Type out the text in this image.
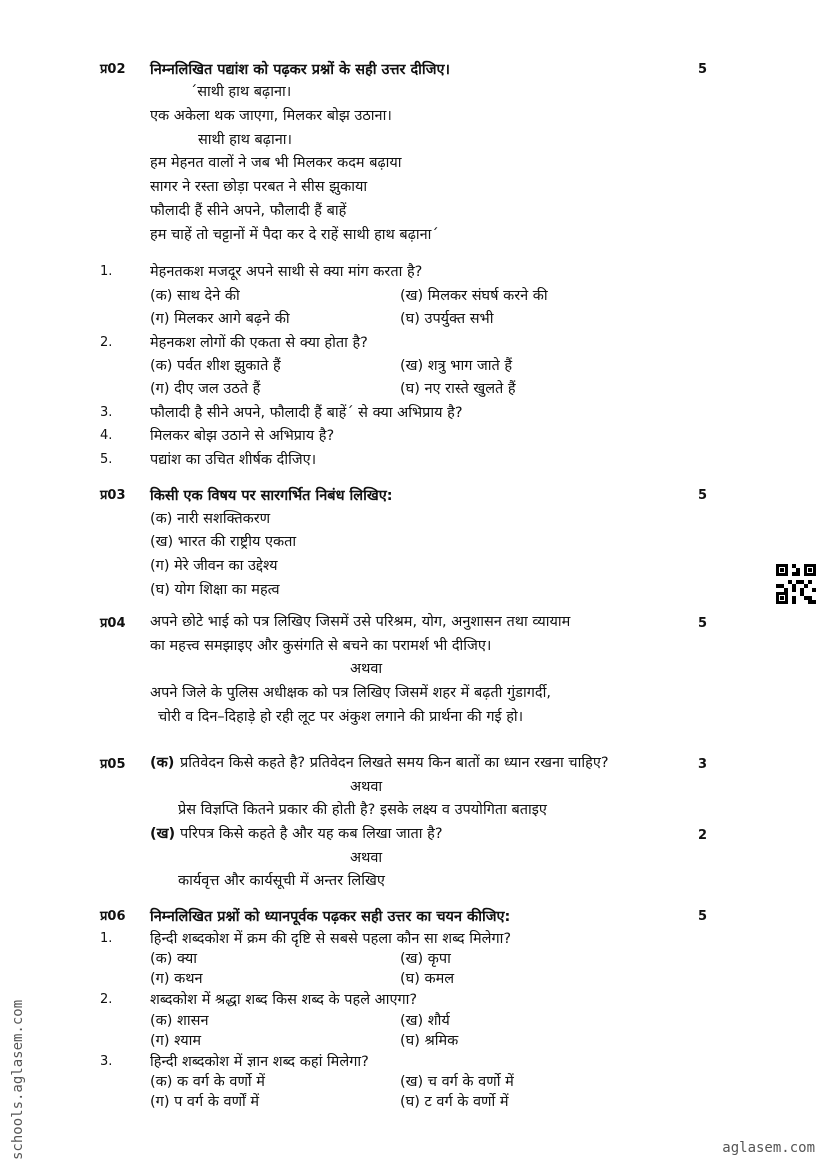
प्र02 निम्नलिखित पद्यांश को पढ़कर प्रश्नों के सही उत्तर दीजिए।	5
´साथी हाथ बढ़ाना।
एक अकेला थक जाएगा, मिलकर बोझ उठाना।
साथी हाथ बढ़ाना।
हम मेहनत वालों ने जब भी मिलकर कदम बढ़ाया
सागर ने रस्ता छोड़ा परबत ने सीस झुकाया
फौलादी हैं सीने अपने, फौलादी हैं बाहें
हम चाहें तो चट्टानों में पैदा कर दे राहें साथी हाथ बढ़ाना´
1.	मेहनतकश मजदूर अपने साथी से क्या मांग करता है?
(क) साथ देने की	(ख) मिलकर संघर्ष करने की
(ग) मिलकर आगे बढ़ने की	(घ) उपर्युक्त सभी
2.	मेहनकश लोगों की एकता से क्या होता है?
(क) पर्वत शीश झुकाते हैं	(ख) शत्रु भाग जाते हैं
(ग) दीए जल उठते हैं	(घ) नए रास्ते खुलते हैं
3.	फौलादी है सीने अपने, फौलादी हैं बाहें´ से क्या अभिप्राय है?
4.	मिलकर बोझ उठाने से अभिप्राय है?
5.	पद्यांश का उचित शीर्षक दीजिए।
प्र03 किसी एक विषय पर सारगर्भित निबंध लिखिए:	5
(क) नारी सशक्तिकरण
(ख) भारत की राष्ट्रीय एकता
(ग) मेरे जीवन का उद्देश्य
(घ) योग शिक्षा का महत्व
प्र04 अपने छोटे भाई को पत्र लिखिए जिसमें उसे परिश्रम, योग, अनुशासन तथा व्यायाम	5
का महत्त्व समझाइए और कुसंगति से बचने का परामर्श भी दीजिए।
अथवा
अपने जिले के पुलिस अधीक्षक को पत्र लिखिए जिसमें शहर में बढ़ती गुंडागर्दी,
चोरी व दिन–दिहाड़े हो रही लूट पर अंकुश लगाने की प्रार्थना की गई हो।
प्र05 (क) प्रतिवेदन किसे कहते है? प्रतिवेदन लिखते समय किन बातों का ध्यान रखना चाहिए?	3
अथवा
प्रेस विज्ञप्ति कितने प्रकार की होती है? इसके लक्ष्य व उपयोगिता बताइए
(ख) परिपत्र किसे कहते है और यह कब लिखा जाता है?	2
अथवा
कार्यवृत्त और कार्यसूची में अन्तर लिखिए
प्र06 निम्नलिखित प्रश्नों को ध्यानपूर्वक पढ़कर सही उत्तर का चयन कीजिए:	5
1.	हिन्दी शब्दकोश में क्रम की दृष्टि से सबसे पहला कौन सा शब्द मिलेगा?
(क) क्या	(ख) कृपा
(ग) कथन	(घ) कमल
2.	शब्दकोश में श्रद्धा शब्द किस शब्द के पहले आएगा?
(क) शासन	(ख) शौर्य
(ग) श्याम	(घ) श्रमिक
3.	हिन्दी शब्दकोश में ज्ञान शब्द कहां मिलेगा?
(क) क वर्ग के वर्णो में	(ख) च वर्ग के वर्णो में
(ग) प वर्ग के वर्णों में	(घ) ट वर्ग के वर्णो में
schools.aglasem.com	aglasem.com
